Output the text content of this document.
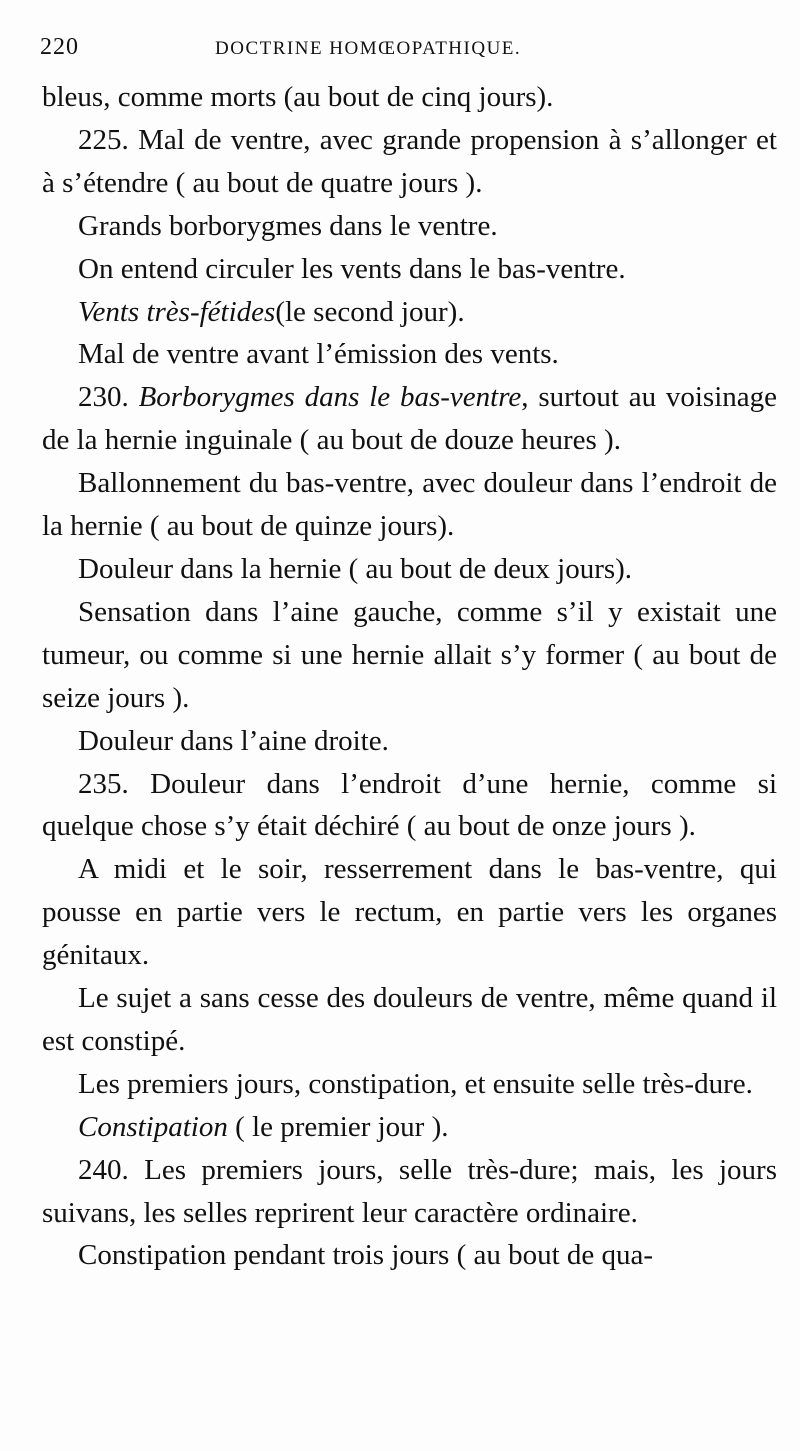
220	DOCTRINE HOMŒOPATHIQUE.

bleus, comme morts (au bout de cinq jours).

225. Mal de ventre, avec grande propension à s’allonger et à s’étendre ( au bout de quatre jours ).

Grands borborygmes dans le ventre.

On entend circuler les vents dans le bas-ventre.

Vents très-fétides(le second jour).

Mal de ventre avant l’émission des vents.

230. Borborygmes dans le bas-ventre, surtout au voisinage de la hernie inguinale ( au bout de douze heures ).

Ballonnement du bas-ventre, avec douleur dans l’endroit de la hernie ( au bout de quinze jours).

Douleur dans la hernie ( au bout de deux jours).

Sensation dans l’aine gauche, comme s’il y existait une tumeur, ou comme si une hernie allait s’y former ( au bout de seize jours ).

Douleur dans l’aine droite.

235. Douleur dans l’endroit d’une hernie, comme si quelque chose s’y était déchiré ( au bout de onze jours ).

A midi et le soir, resserrement dans le bas-ventre, qui pousse en partie vers le rectum, en partie vers les organes génitaux.

Le sujet a sans cesse des douleurs de ventre, même quand il est constipé.

Les premiers jours, constipation, et ensuite selle très-dure.

Constipation ( le premier jour ).

240. Les premiers jours, selle très-dure; mais, les jours suivans, les selles reprirent leur caractère ordinaire.

Constipation pendant trois jours ( au bout de qua-
